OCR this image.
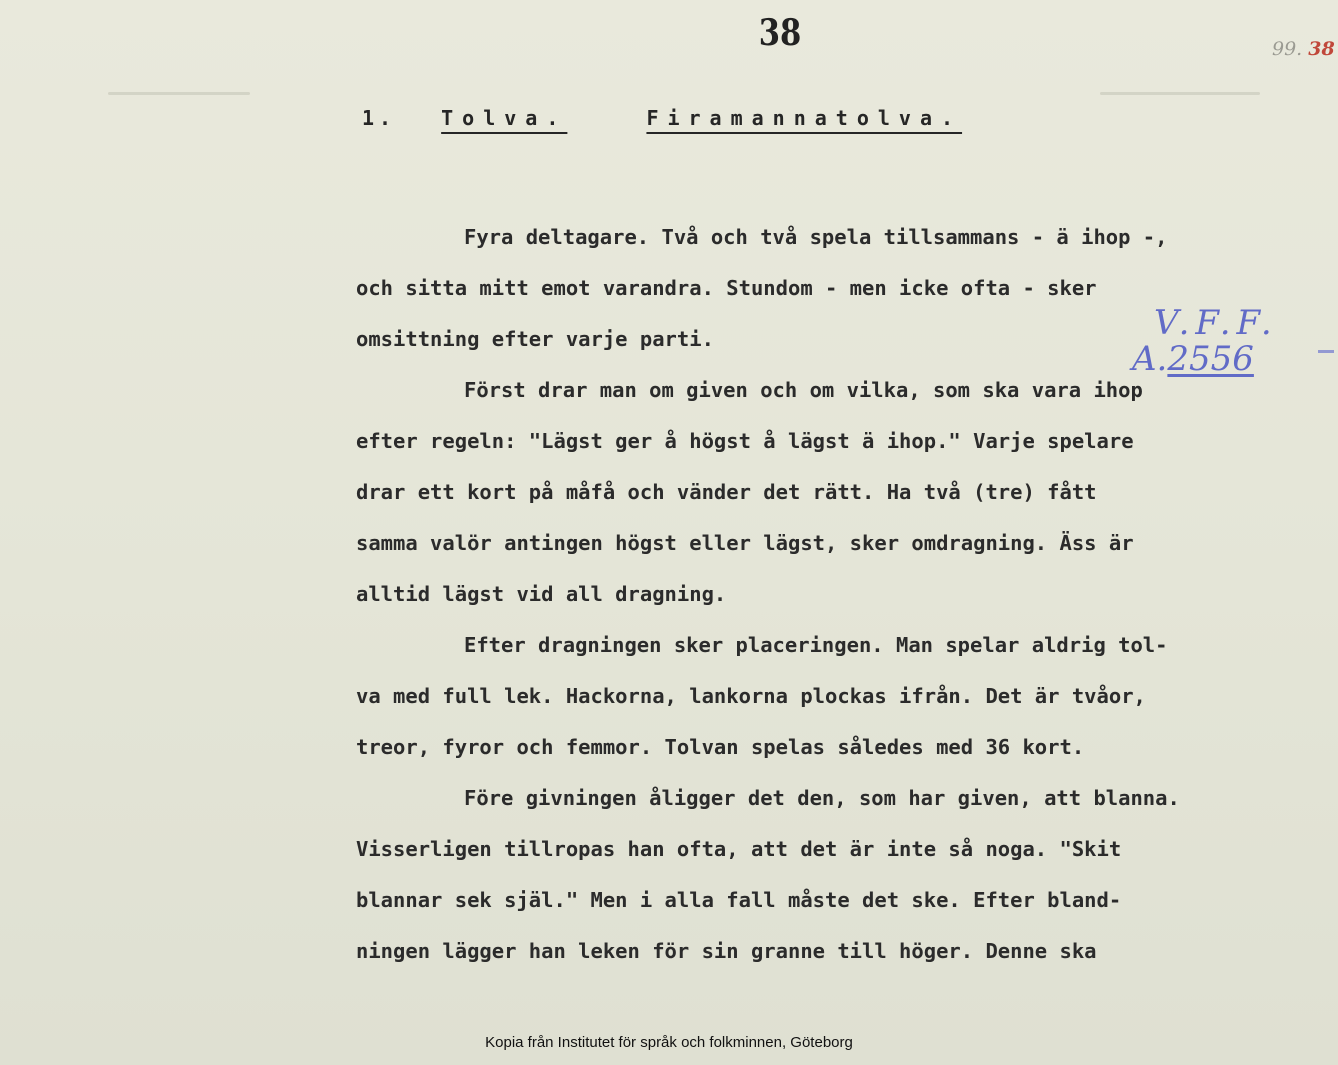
38	99. 38
1. Tolva.	Firamannatolva.
V.F.F.
A.2556

Fyra deltagare. Två och två spela tillsammans - ä ihop -,

och sitta mitt emot varandra. Stundom - men icke ofta - sker

omsittning efter varje parti.

Först drar man om given och om vilka, som ska vara ihop

efter regeln: "Lägst ger å högst å lägst ä ihop." Varje spelare

drar ett kort på måfå och vänder det rätt. Ha två (tre) fått

samma valör antingen högst eller lägst, sker omdragning. Äss är

alltid lägst vid all dragning.

Efter dragningen sker placeringen. Man spelar aldrig tol-

va med full lek. Hackorna, lankorna plockas ifrån. Det är tvåor,

treor, fyror och femmor. Tolvan spelas således med 36 kort.

Före givningen åligger det den, som har given, att blanna.

Visserligen tillropas han ofta, att det är inte så noga. "Skit

blannar sek själ." Men i alla fall måste det ske. Efter bland-

ningen lägger han leken för sin granne till höger. Denne ska

Kopia från Institutet för språk och folkminnen, Göteborg
